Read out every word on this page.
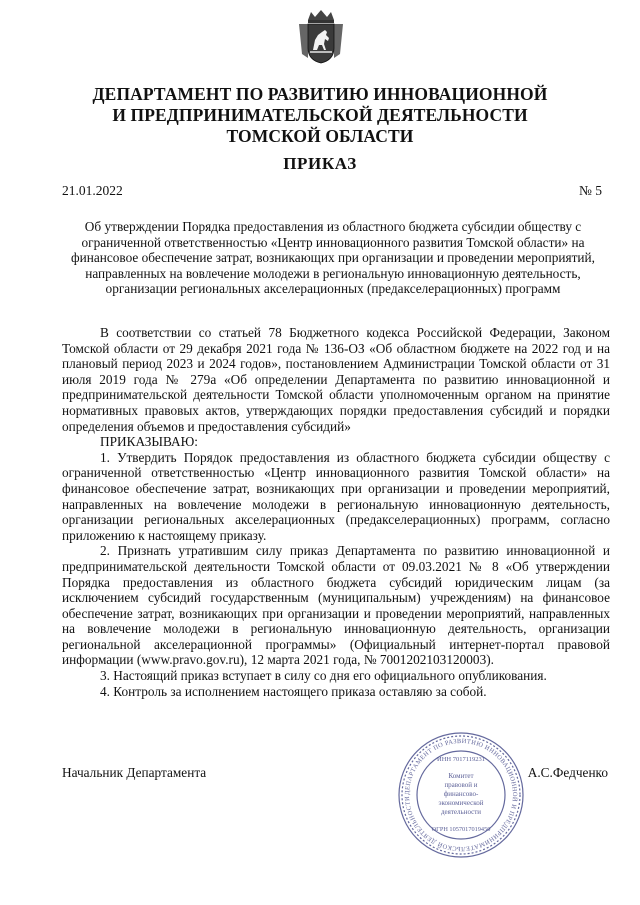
ДЕПАРТАМЕНТ ПО РАЗВИТИЮ ИННОВАЦИОННОЙ
И ПРЕДПРИНИМАТЕЛЬСКОЙ ДЕЯТЕЛЬНОСТИ
ТОМСКОЙ ОБЛАСТИ
ПРИКАЗ
21.01.2022	№ 5
Об утверждении Порядка предоставления из областного бюджета субсидии обществу с ограниченной ответственностью «Центр инновационного развития Томской области» на финансовое обеспечение затрат, возникающих при организации и проведении мероприятий, направленных на вовлечение молодежи в региональную инновационную деятельность, организации региональных акселерационных (предакселерационных) программ

В соответствии со статьей 78 Бюджетного кодекса Российской Федерации, Законом Томской области от 29 декабря 2021 года № 136-ОЗ «Об областном бюджете на 2022 год и на плановый период 2023 и 2024 годов», постановлением Администрации Томской области от 31 июля 2019 года № 279а «Об определении Департамента по развитию инновационной и предпринимательской деятельности Томской области уполномоченным органом на принятие нормативных правовых актов, утверждающих порядки предоставления субсидий и порядки определения объемов и предоставления субсидий»

ПРИКАЗЫВАЮ:

1. Утвердить Порядок предоставления из областного бюджета субсидии обществу с ограниченной ответственностью «Центр инновационного развития Томской области» на финансовое обеспечение затрат, возникающих при организации и проведении мероприятий, направленных на вовлечение молодежи в региональную инновационную деятельность, организации региональных акселерационных (предакселерационных) программ, согласно приложению к настоящему приказу.

2. Признать утратившим силу приказ Департамента по развитию инновационной и предпринимательской деятельности Томской области от 09.03.2021 № 8 «Об утверждении Порядка предоставления из областного бюджета субсидий юридическим лицам (за исключением субсидий государственным (муниципальным) учреждениям) на финансовое обеспечение затрат, возникающих при организации и проведении мероприятий, направленных на вовлечение молодежи в региональную инновационную деятельность, организации региональной акселерационной программы» (Официальный интернет-портал правовой информации (www.pravo.gov.ru), 12 марта 2021 года, № 7001202103120003).

3. Настоящий приказ вступает в силу со дня его официального опубликования.

4. Контроль за исполнением настоящего приказа оставляю за собой.

Начальник Департамента	А.С.Федченко
ДЕПАРТАМЕНТ ПО РАЗВИТИЮ ИННОВАЦИОННОЙ И ПРЕДПРИНИМАТЕЛЬСКОЙ ДЕЯТЕЛЬНОСТИ
ИНН 7017119231
Комитет
правовой и
финансово-
экономической
деятельности
ОГРН 1057017019450
